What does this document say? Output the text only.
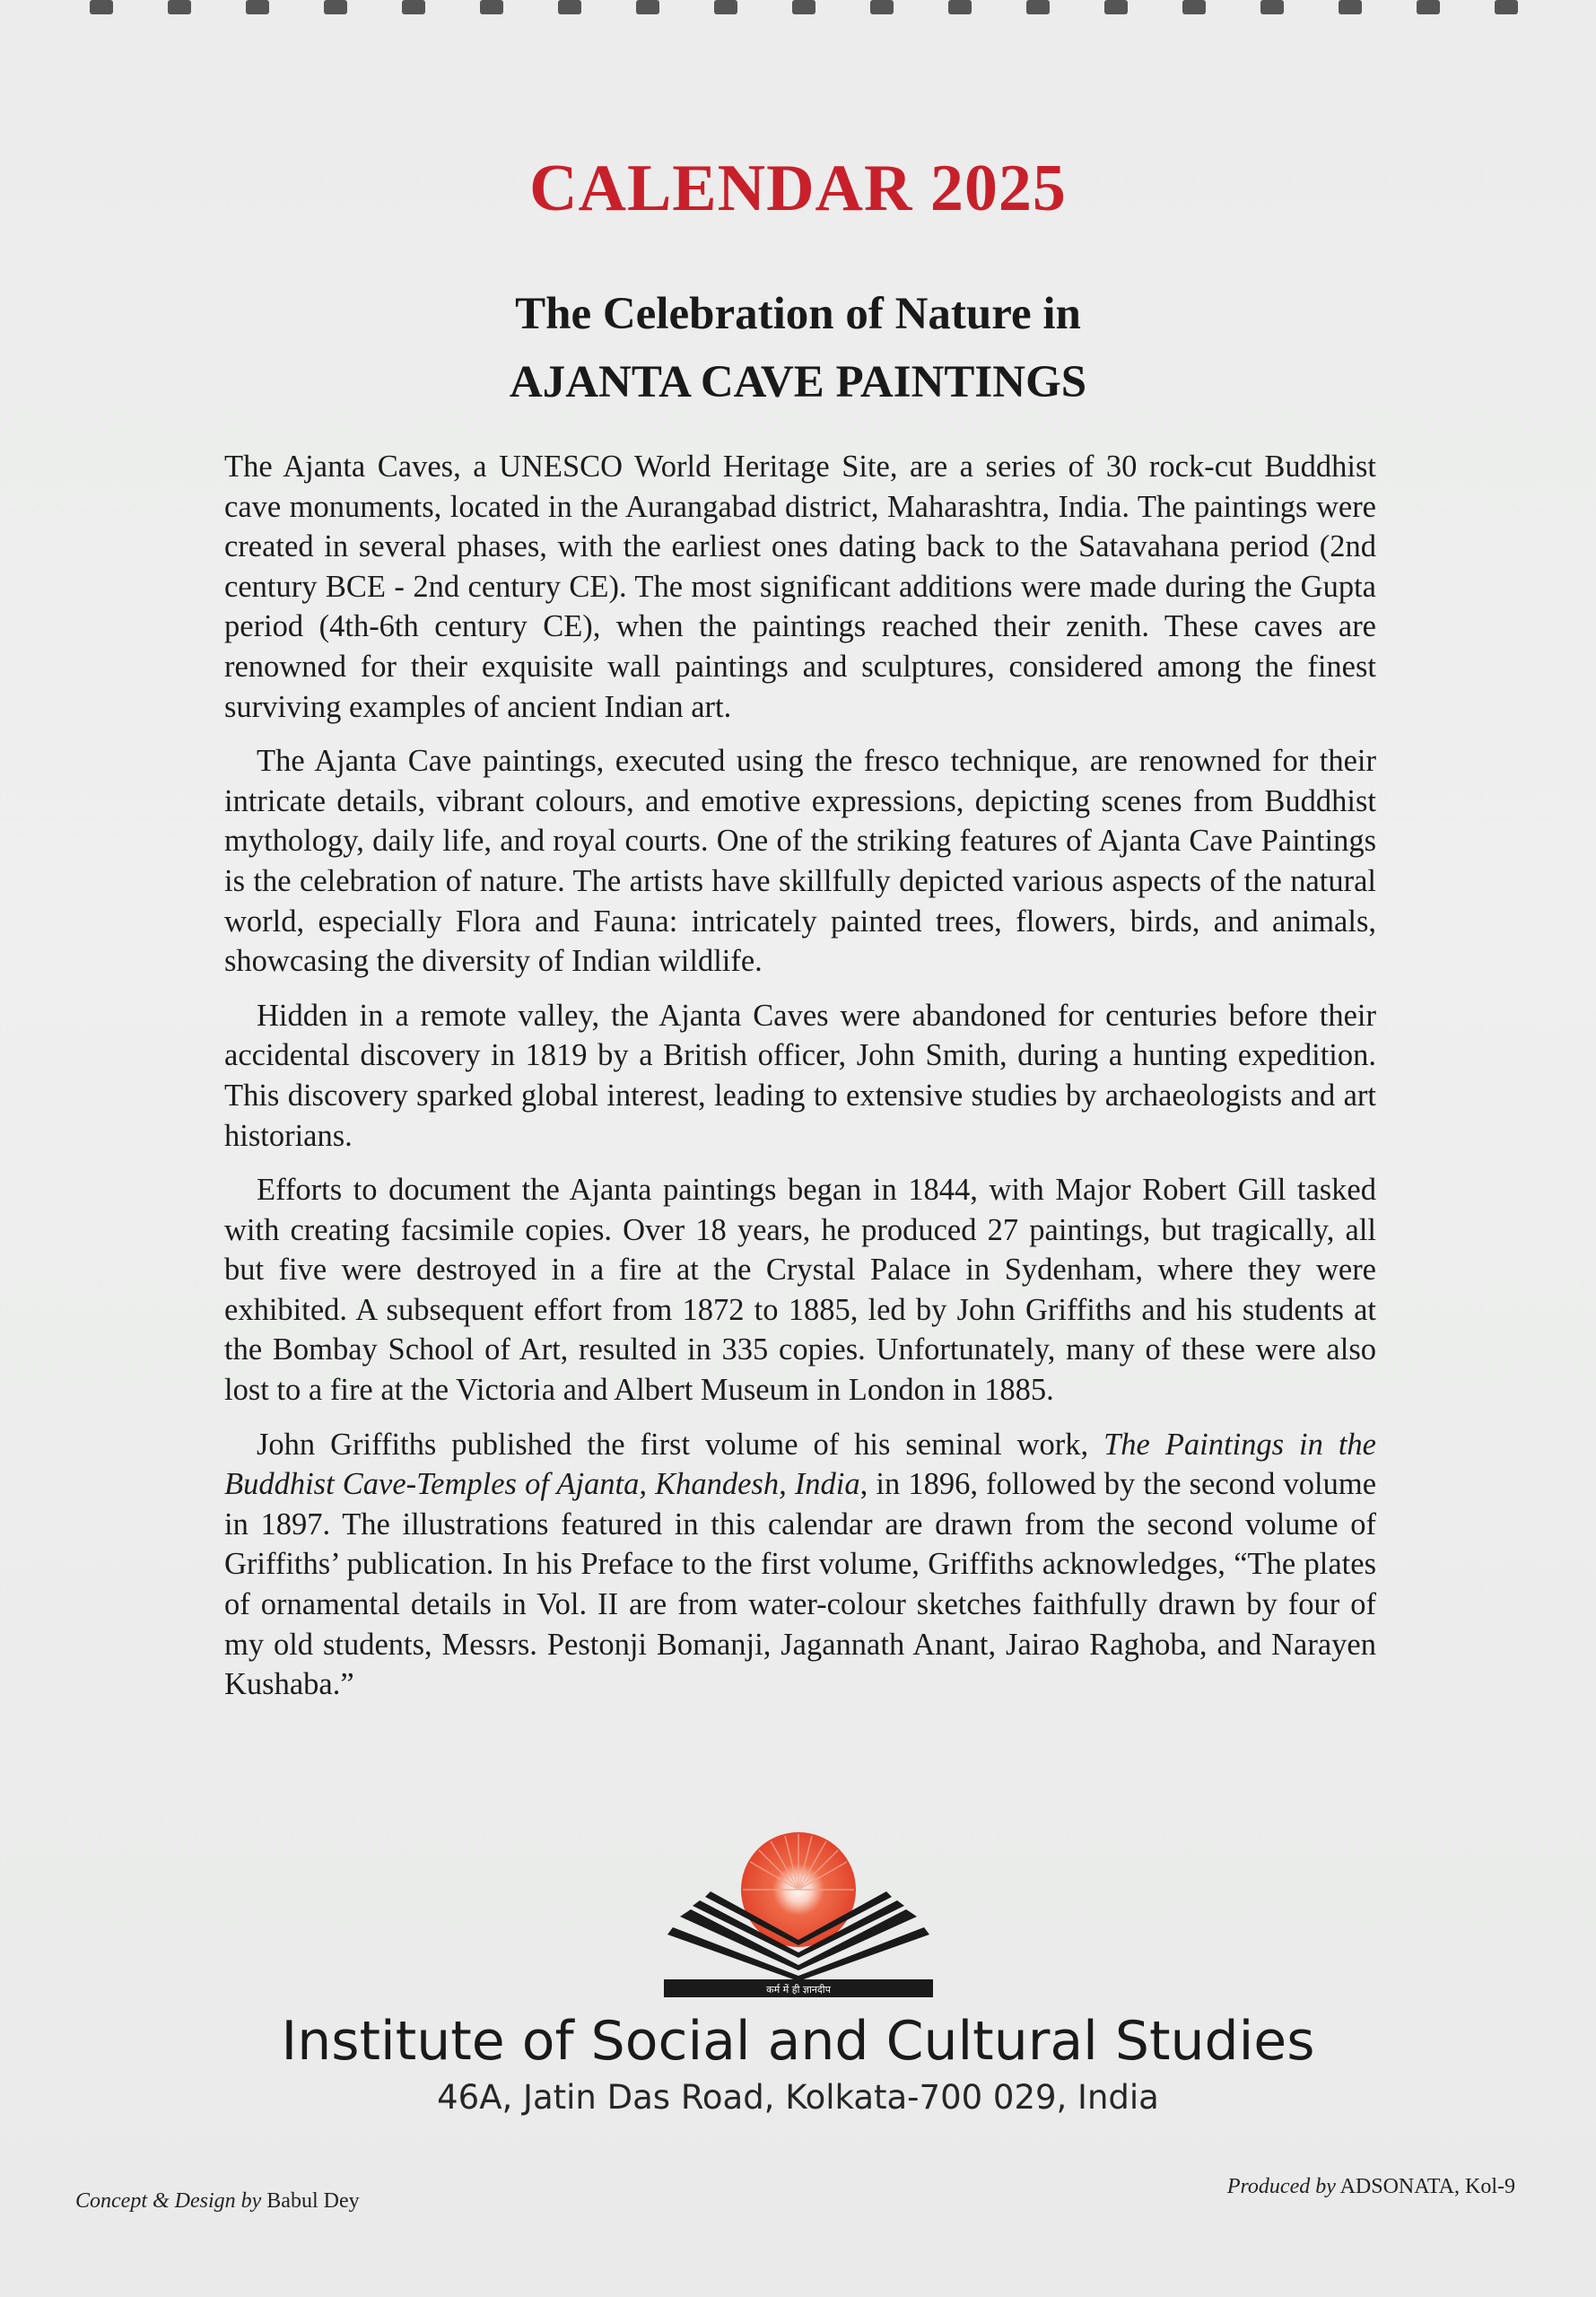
CALENDAR 2025
The Celebration of Nature in
AJANTA CAVE PAINTINGS

The Ajanta Caves, a UNESCO World Heritage Site, are a series of 30 rock-cut Buddhist cave monuments, located in the Aurangabad district, Maharashtra, India. The paintings were created in several phases, with the earliest ones dating back to the Satavahana period (2nd century BCE - 2nd century CE). The most significant additions were made during the Gupta period (4th-6th century CE), when the paintings reached their zenith. These caves are renowned for their exquisite wall paintings and sculptures, considered among the finest surviving examples of ancient Indian art.

The Ajanta Cave paintings, executed using the fresco technique, are renowned for their intricate details, vibrant colours, and emotive expressions, depicting scenes from Buddhist mythology, daily life, and royal courts. One of the striking features of Ajanta Cave Paintings is the celebration of nature. The artists have skillfully depicted various aspects of the natural world, especially Flora and Fauna: intricately painted trees, flowers, birds, and animals, showcasing the diversity of Indian wildlife.

Hidden in a remote valley, the Ajanta Caves were abandoned for centuries before their accidental discovery in 1819 by a British officer, John Smith, during a hunting expedition. This discovery sparked global interest, leading to extensive studies by archaeologists and art historians.

Efforts to document the Ajanta paintings began in 1844, with Major Robert Gill tasked with creating facsimile copies. Over 18 years, he produced 27 paintings, but tragically, all but five were destroyed in a fire at the Crystal Palace in Sydenham, where they were exhibited. A subsequent effort from 1872 to 1885, led by John Griffiths and his students at the Bombay School of Art, resulted in 335 copies. Unfortunately, many of these were also lost to a fire at the Victoria and Albert Museum in London in 1885.

John Griffiths published the first volume of his seminal work, The Paintings in the Buddhist Cave-Temples of Ajanta, Khandesh, India, in 1896, followed by the second volume in 1897. The illustrations featured in this calendar are drawn from the second volume of Griffiths’ publication. In his Preface to the first volume, Griffiths acknowledges, “The plates of ornamental details in Vol. II are from water-colour sketches faithfully drawn by four of my old students, Messrs. Pestonji Bomanji, Jagannath Anant, Jairao Raghoba, and Narayen Kushaba.”

कर्म में ही ज्ञानदीप
Institute of Social and Cultural Studies
46A, Jatin Das Road, Kolkata-700 029, India
Concept & Design by Babul Dey
Produced by ADSONATA, Kol-9
